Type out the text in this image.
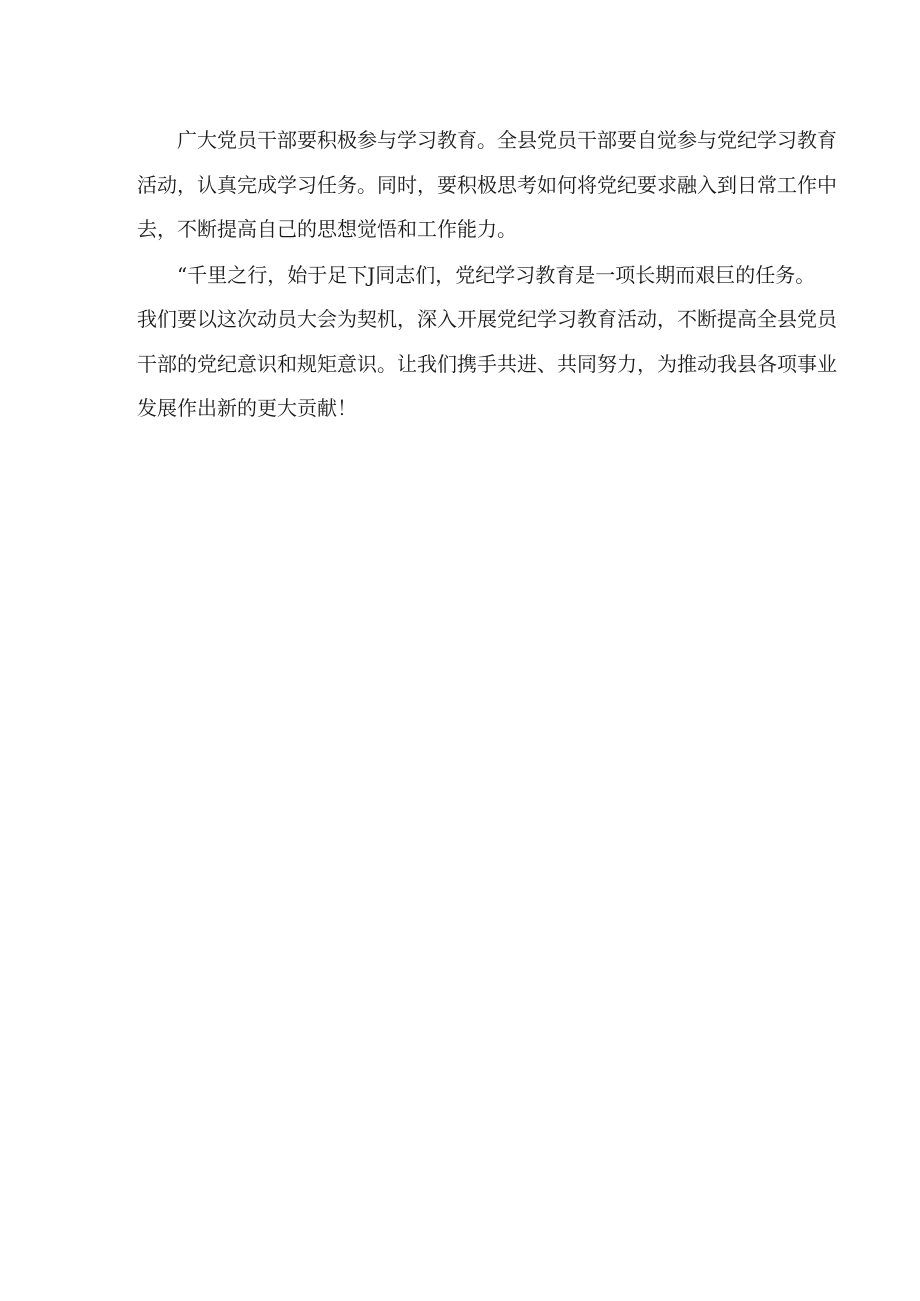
广大党员干部要积极参与学习教育。全县党员干部要自觉参与党纪学习教育
活动，认真完成学习任务。同时，要积极思考如何将党纪要求融入到日常工作中
去，不断提高自己的思想觉悟和工作能力。

“千里之行，始于足下J同志们，党纪学习教育是一项长期而艰巨的任务。
我们要以这次动员大会为契机，深入开展党纪学习教育活动，不断提高全县党员
干部的党纪意识和规矩意识。让我们携手共进、共同努力，为推动我县各项事业
发展作出新的更大贡献！
